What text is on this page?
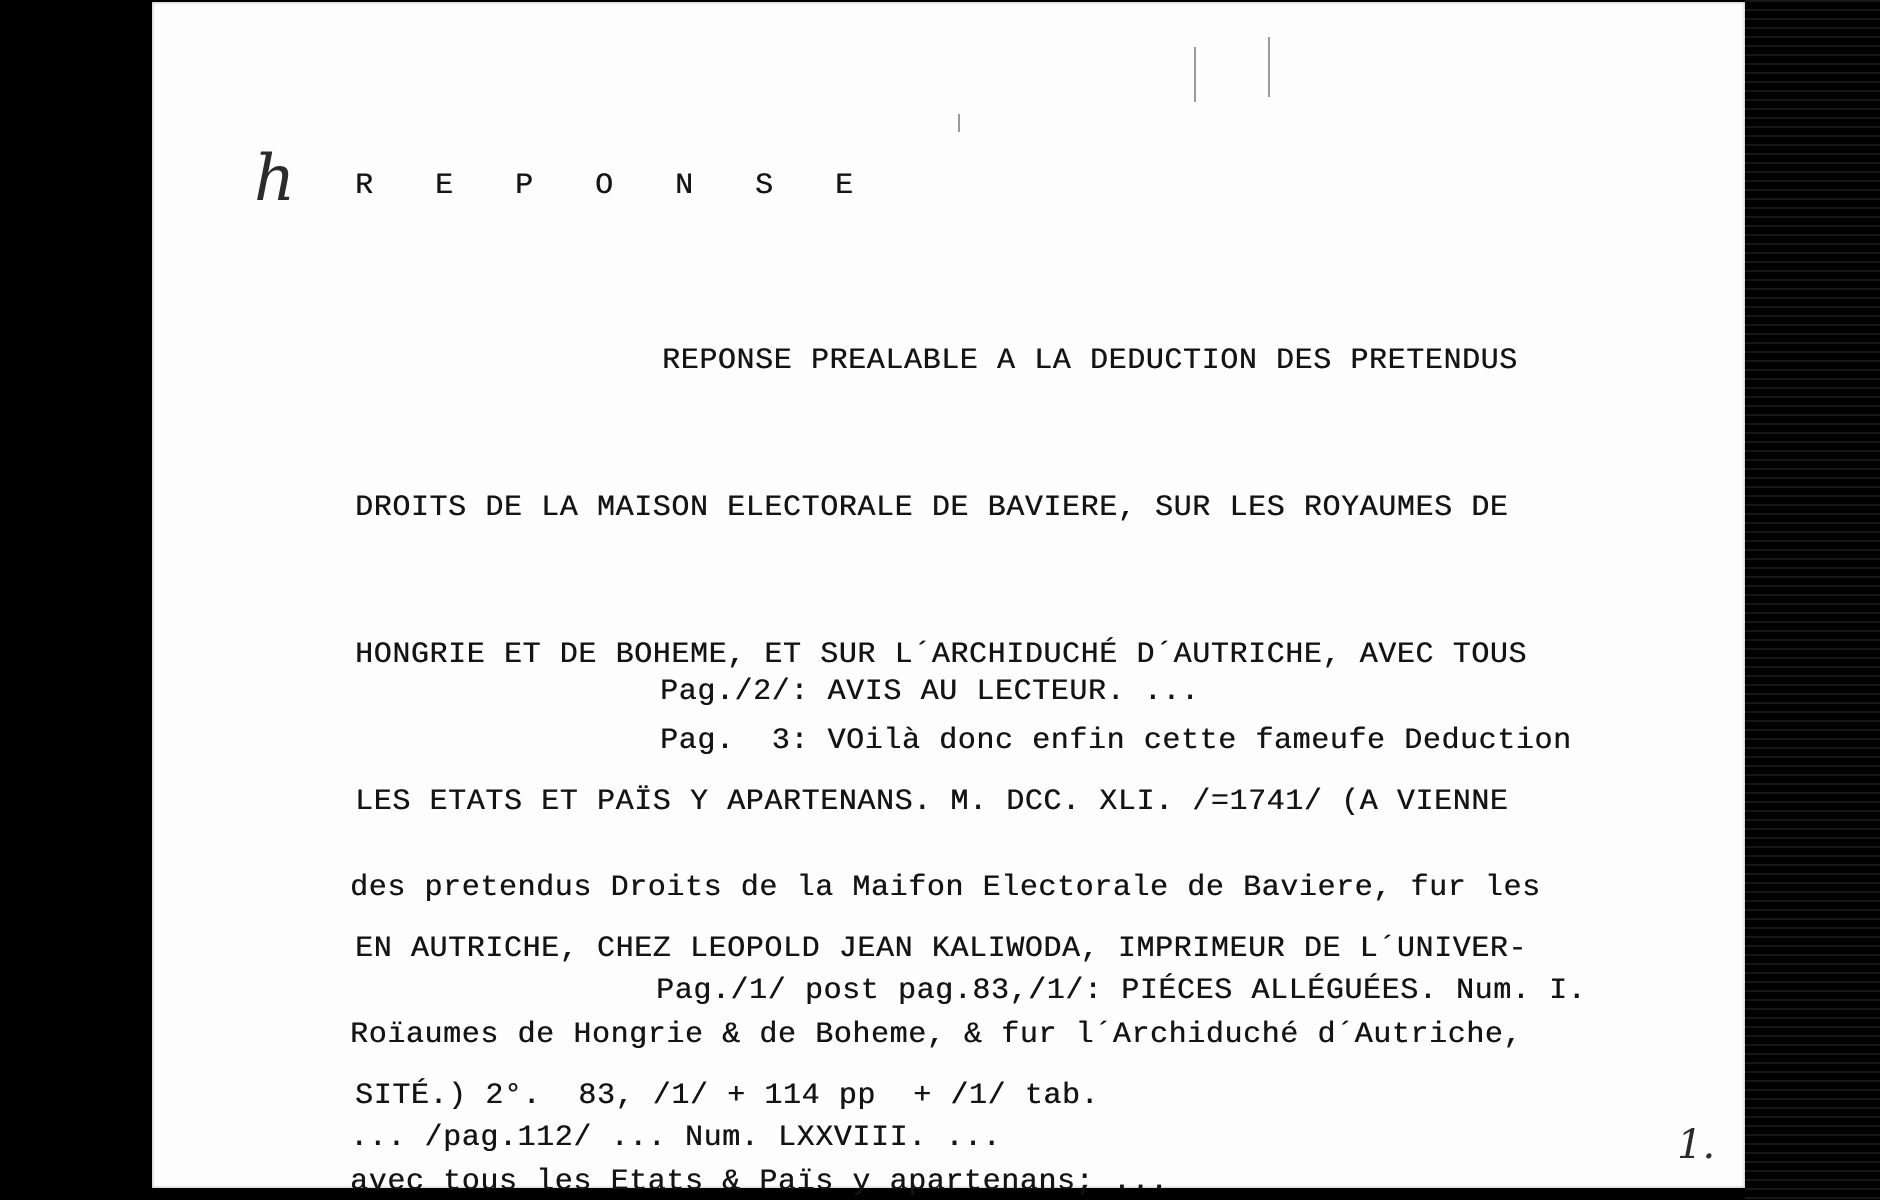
h R E P O N S E
REPONSE PREALABLE A LA DEDUCTION DES PRETENDUS

DROITS DE LA MAISON ELECTORALE DE BAVIERE, SUR LES ROYAUMES DE

HONGRIE ET DE BOHEME, ET SUR L´ARCHIDUCHÉ D´AUTRICHE, AVEC TOUS

LES ETATS ET PAÏS Y APARTENANS. M. DCC. XLI. /=1741/ (A VIENNE

EN AUTRICHE, CHEZ LEOPOLD JEAN KALIWODA, IMPRIMEUR DE L´UNIVER-

SITÉ.) 2°.  83, /1/ + 114 pp  + /1/ tab.

Pag./2/: AVIS AU LECTEUR. ...
Pag.  3: VOilà donc enfin cette fameufe Deduction

des pretendus Droits de la Maifon Electorale de Baviere, fur les

Roïaumes de Hongrie & de Boheme, & fur l´Archiduché d´Autriche,

avec tous les Etats & Païs y apartenans; ...

Pag./1/ post pag.83,/1/: PIÉCES ALLÉGUÉES. Num. I.

... /pag.112/ ... Num. LXXVIII. ...

	1.
